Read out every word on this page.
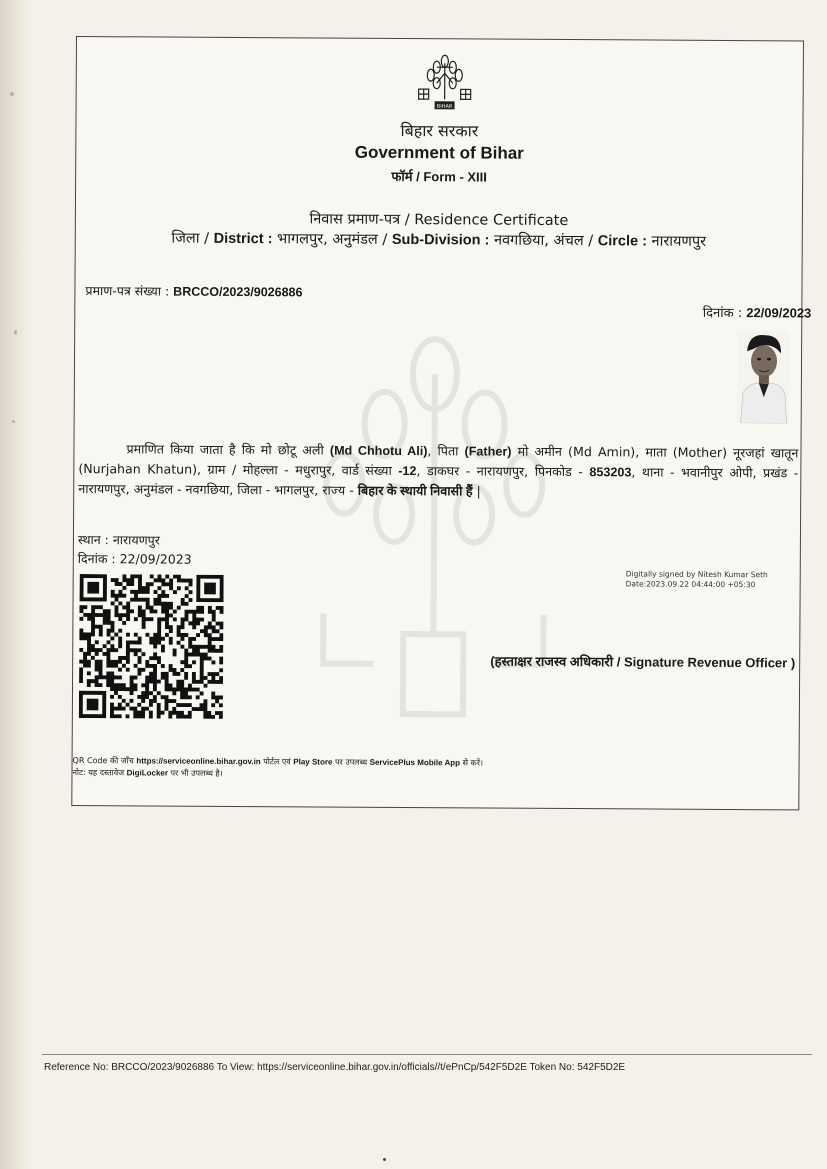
BIHAR
बिहार सरकार
Government of Bihar
फॉर्म / Form - XIII
निवास प्रमाण-पत्र / Residence Certificate
जिला / District : भागलपुर, अनुमंडल / Sub-Division : नवगछिया, अंचल / Circle : नारायणपुर
प्रमाण-पत्र संख्या : BRCCO/2023/9026886
दिनांक : 22/09/2023
प्रमाणित किया जाता है कि मो छोटू अली (Md Chhotu Ali), पिता (Father) मो अमीन (Md Amin), माता (Mother) नूरजहां खातून (Nurjahan Khatun), ग्राम / मोहल्ला - मधुरापुर, वार्ड संख्या -12, डाकघर - नारायणपुर, पिनकोड - 853203, थाना - भवानीपुर ओपी, प्रखंड - नारायणपुर, अनुमंडल - नवगछिया, जिला - भागलपुर, राज्य - बिहार के स्थायी निवासी हैं |
स्थान : नारायणपुर
दिनांक : 22/09/2023
Digitally signed by Nitesh Kumar Seth
Date:2023.09.22 04:44:00 +05:30
(हस्ताक्षर राजस्व अधिकारी / Signature Revenue Officer )
QR Code की जाँच https://serviceonline.bihar.gov.in पोर्टल एवं Play Store पर उपलब्ध ServicePlus Mobile App से करें।
नोट: यह दस्तावेज DigiLocker पर भी उपलब्ध है।
Reference No: BRCCO/2023/9026886 To View: https://serviceonline.bihar.gov.in/officials//t/ePnCp/542F5D2E Token No: 542F5D2E
